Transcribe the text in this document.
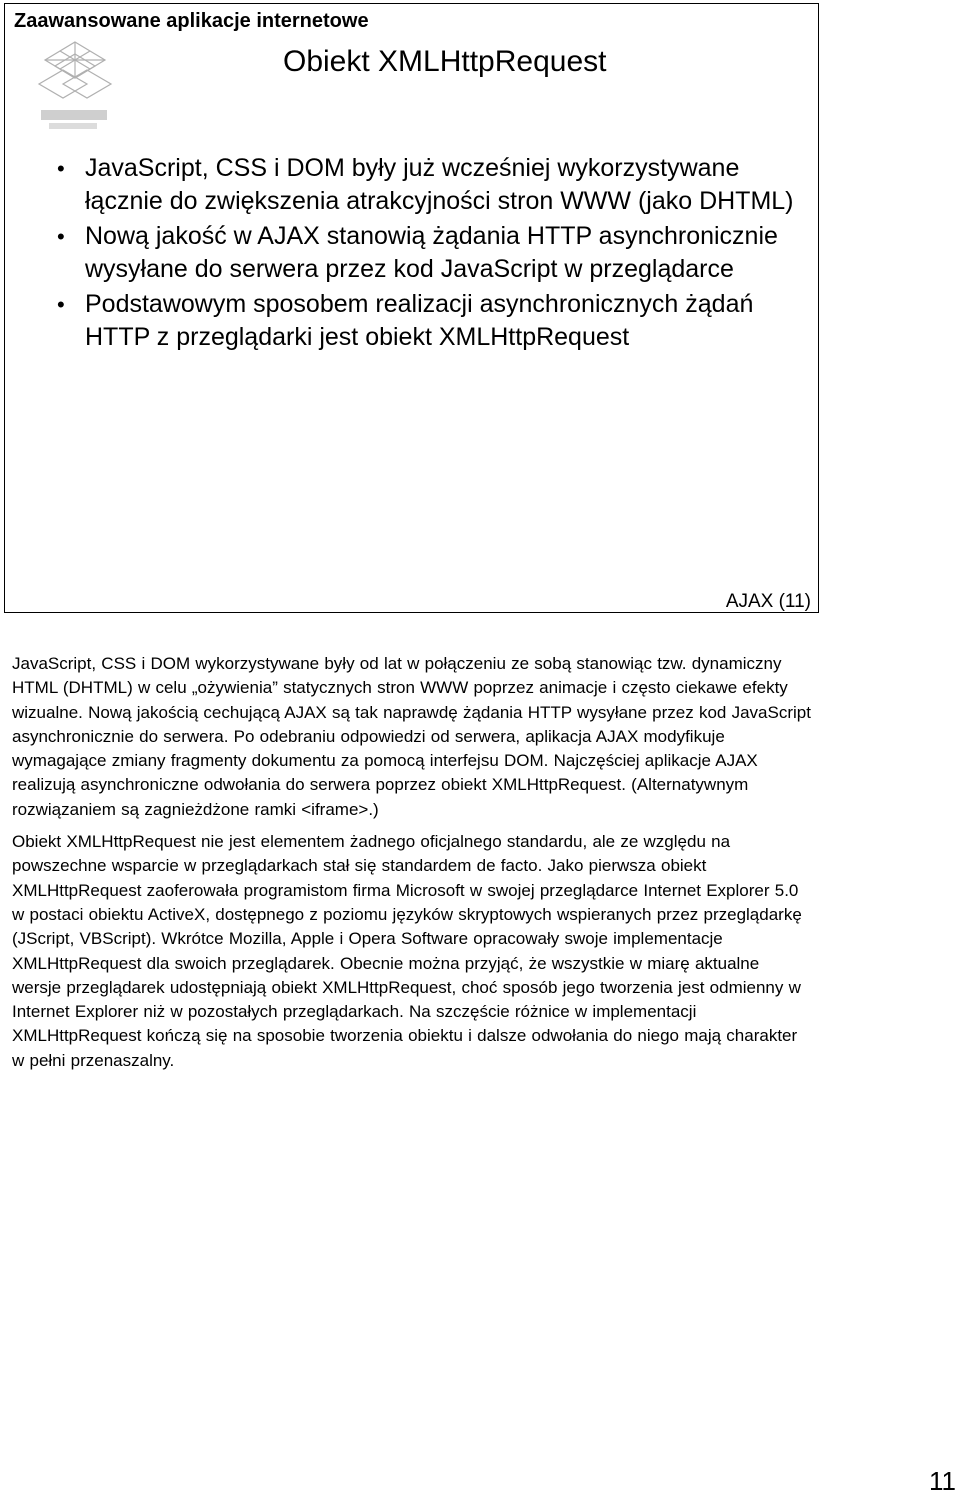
Zaawansowane aplikacje internetowe
Obiekt XMLHttpRequest
• JavaScript, CSS i DOM były już wcześniej wykorzystywane łącznie do zwiększenia atrakcyjności stron WWW (jako DHTML)
• Nową jakość w AJAX stanowią żądania HTTP asynchronicznie wysyłane do serwera przez kod JavaScript w przeglądarce
• Podstawowym sposobem realizacji asynchronicznych żądań HTTP z przeglądarki jest obiekt XMLHttpRequest
AJAX (11)

JavaScript, CSS i DOM wykorzystywane były od lat w połączeniu ze sobą stanowiąc tzw. dynamiczny HTML (DHTML) w celu „ożywienia” statycznych stron WWW poprzez animacje i często ciekawe efekty wizualne. Nową jakością cechującą AJAX są tak naprawdę żądania HTTP wysyłane przez kod JavaScript asynchronicznie do serwera. Po odebraniu odpowiedzi od serwera, aplikacja AJAX modyfikuje wymagające zmiany fragmenty dokumentu za pomocą interfejsu DOM. Najczęściej aplikacje AJAX realizują asynchroniczne odwołania do serwera poprzez obiekt XMLHttpRequest. (Alternatywnym rozwiązaniem są zagnieżdżone ramki <iframe>.)

Obiekt XMLHttpRequest nie jest elementem żadnego oficjalnego standardu, ale ze względu na powszechne wsparcie w przeglądarkach stał się standardem de facto. Jako pierwsza obiekt XMLHttpRequest zaoferowała programistom firma Microsoft w swojej przeglądarce Internet Explorer 5.0 w postaci obiektu ActiveX, dostępnego z poziomu języków skryptowych wspieranych przez przeglądarkę (JScript, VBScript). Wkrótce Mozilla, Apple i Opera Software opracowały swoje implementacje XMLHttpRequest dla swoich przeglądarek. Obecnie można przyjąć, że wszystkie w miarę aktualne wersje przeglądarek udostępniają obiekt XMLHttpRequest, choć sposób jego tworzenia jest odmienny w Internet Explorer niż w pozostałych przeglądarkach. Na szczęście różnice w implementacji XMLHttpRequest kończą się na sposobie tworzenia obiektu i dalsze odwołania do niego mają charakter w pełni przenaszalny.

11
